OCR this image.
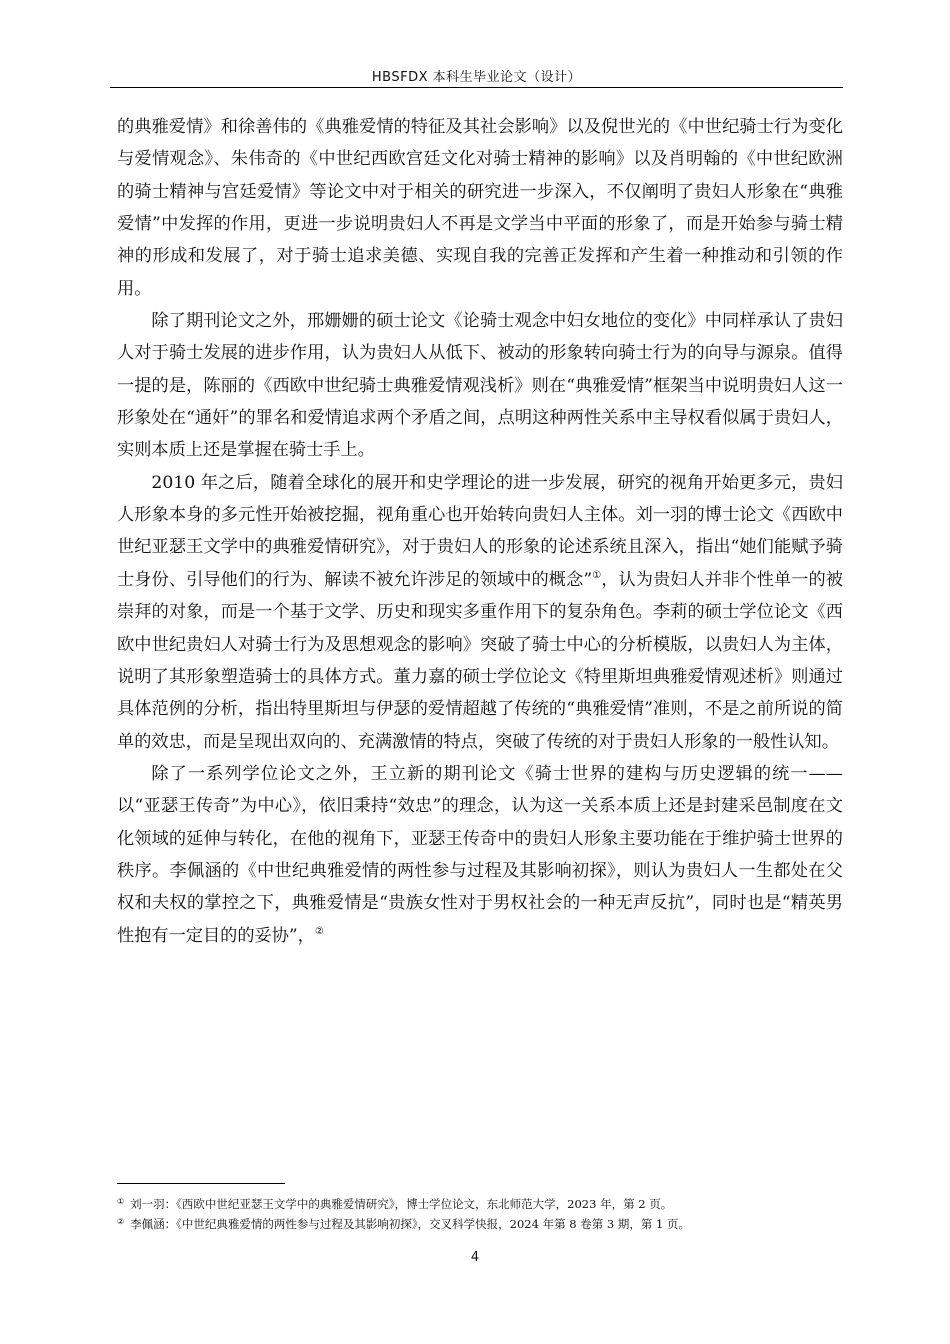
HBSFDX 本科生毕业论文（设计）

的典雅爱情》和徐善伟的《典雅爱情的特征及其社会影响》以及倪世光的《中世纪骑士行为变化与爱情观念》、朱伟奇的《中世纪西欧宫廷文化对骑士精神的影响》以及肖明翰的《中世纪欧洲的骑士精神与宫廷爱情》等论文中对于相关的研究进一步深入，不仅阐明了贵妇人形象在“典雅爱情”中发挥的作用，更进一步说明贵妇人不再是文学当中平面的形象了，而是开始参与骑士精神的形成和发展了，对于骑士追求美德、实现自我的完善正发挥和产生着一种推动和引领的作用。

除了期刊论文之外，邢姗姗的硕士论文《论骑士观念中妇女地位的变化》中同样承认了贵妇人对于骑士发展的进步作用，认为贵妇人从低下、被动的形象转向骑士行为的向导与源泉。值得一提的是，陈丽的《西欧中世纪骑士典雅爱情观浅析》则在“典雅爱情”框架当中说明贵妇人这一形象处在“通奸”的罪名和爱情追求两个矛盾之间，点明这种两性关系中主导权看似属于贵妇人，实则本质上还是掌握在骑士手上。

2010 年之后，随着全球化的展开和史学理论的进一步发展，研究的视角开始更多元，贵妇人形象本身的多元性开始被挖掘，视角重心也开始转向贵妇人主体。刘一羽的博士论文《西欧中世纪亚瑟王文学中的典雅爱情研究》，对于贵妇人的形象的论述系统且深入，指出“她们能赋予骑士身份、引导他们的行为、解读不被允许涉足的领域中的概念”①，认为贵妇人并非个性单一的被崇拜的对象，而是一个基于文学、历史和现实多重作用下的复杂角色。李莉的硕士学位论文《西欧中世纪贵妇人对骑士行为及思想观念的影响》突破了骑士中心的分析模版，以贵妇人为主体，说明了其形象塑造骑士的具体方式。董力嘉的硕士学位论文《特里斯坦典雅爱情观述析》则通过具体范例的分析，指出特里斯坦与伊瑟的爱情超越了传统的“典雅爱情”准则，不是之前所说的简单的效忠，而是呈现出双向的、充满激情的特点，突破了传统的对于贵妇人形象的一般性认知。

除了一系列学位论文之外，王立新的期刊论文《骑士世界的建构与历史逻辑的统一——以“亚瑟王传奇”为中心》，依旧秉持“效忠”的理念，认为这一关系本质上还是封建采邑制度在文化领域的延伸与转化，在他的视角下，亚瑟王传奇中的贵妇人形象主要功能在于维护骑士世界的秩序。李佩涵的《中世纪典雅爱情的两性参与过程及其影响初探》，则认为贵妇人一生都处在父权和夫权的掌控之下，典雅爱情是“贵族女性对于男权社会的一种无声反抗”，同时也是“精英男性抱有一定目的的妥协”，②

① 刘一羽：《西欧中世纪亚瑟王文学中的典雅爱情研究》，博士学位论文，东北师范大学，2023 年，第 2 页。
② 李佩涵：《中世纪典雅爱情的两性参与过程及其影响初探》，交叉科学快报，2024 年第 8 卷第 3 期，第 1 页。
4
